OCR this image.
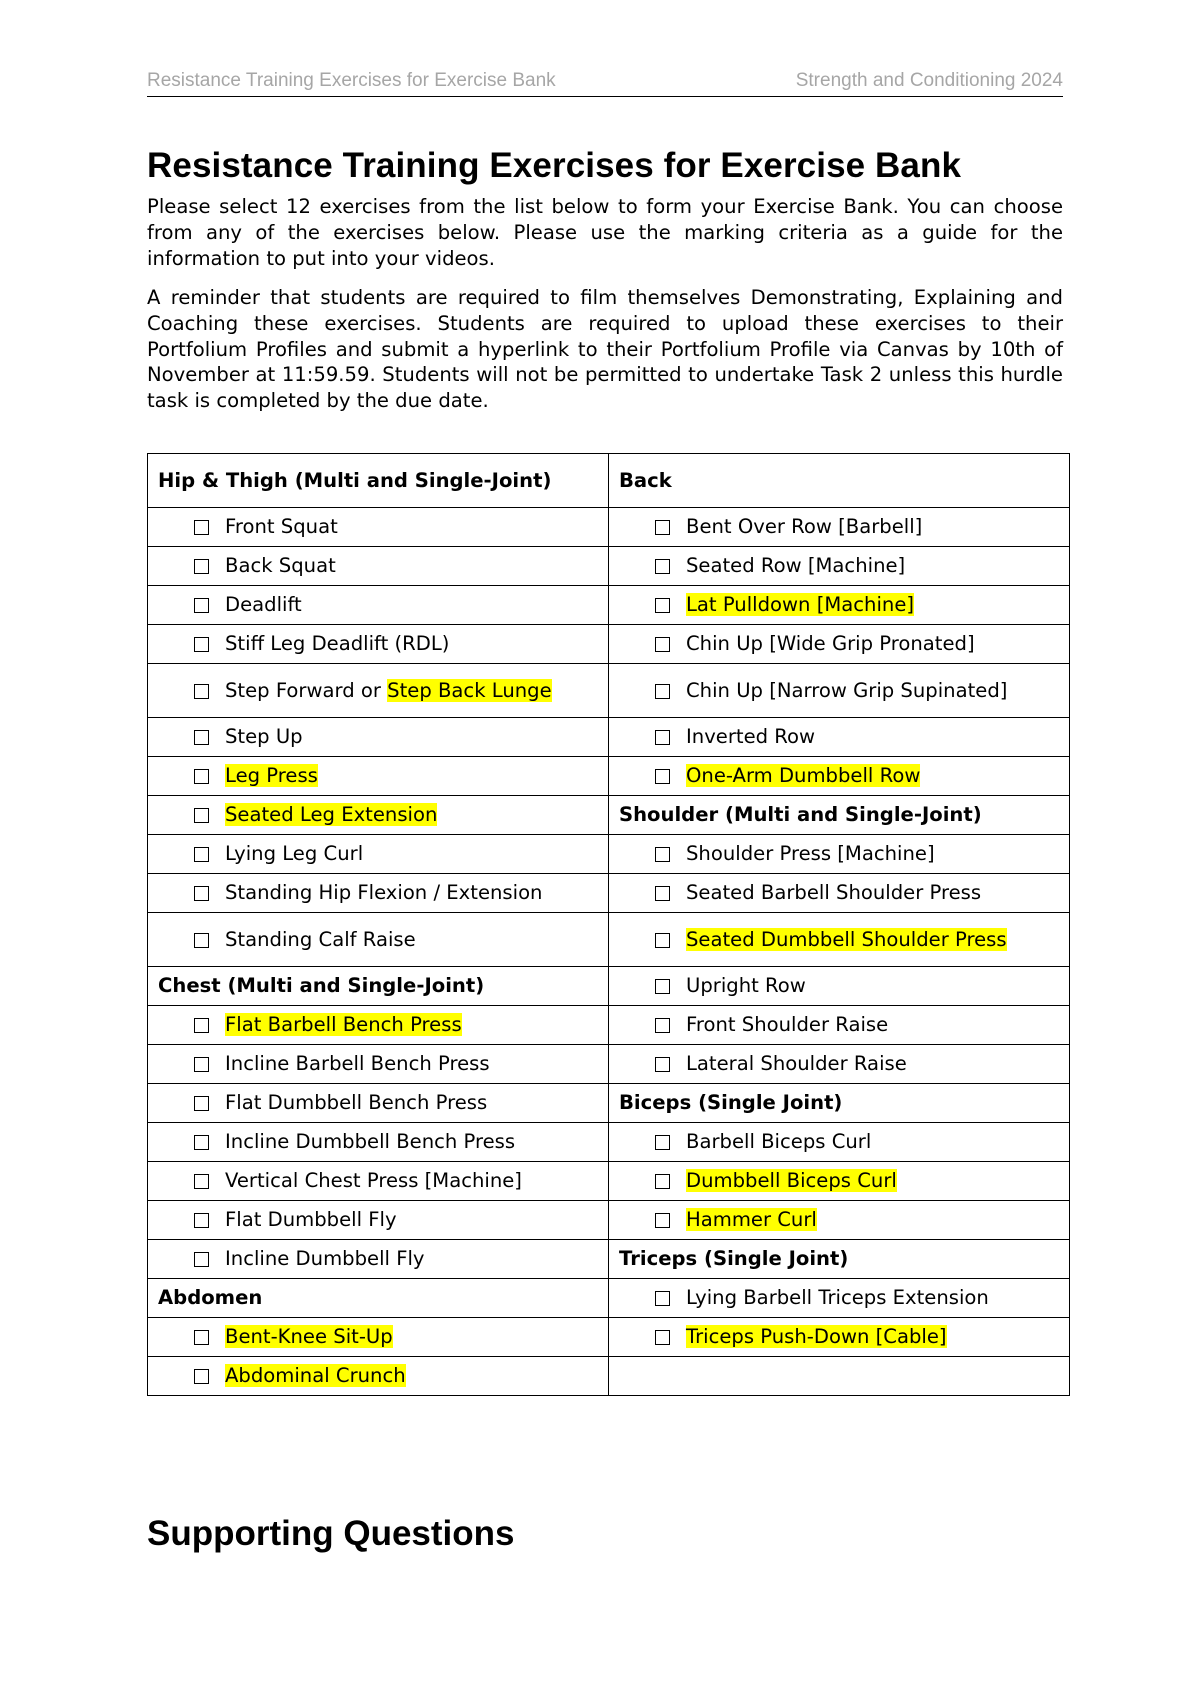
Resistance Training Exercises for Exercise Bank	Strength and Conditioning 2024
Resistance Training Exercises for Exercise Bank

Please select 12 exercises from the list below to form your Exercise Bank. You can choose from any of the exercises below. Please use the marking criteria as a guide for the information to put into your videos.

A reminder that students are required to film themselves Demonstrating, Explaining and Coaching these exercises. Students are required to upload these exercises to their Portfolium Profiles and submit a hyperlink to their Portfolium Profile via Canvas by 10th of November at 11:59.59. Students will not be permitted to undertake Task 2 unless this hurdle task is completed by the due date.

Hip & Thigh (Multi and Single-Joint)	Back

Front Squat	Bent Over Row [Barbell]

Back Squat	Seated Row [Machine]

Deadlift	Lat Pulldown [Machine]

Stiff Leg Deadlift (RDL)	Chin Up [Wide Grip Pronated]

Step Forward or Step Back Lunge	Chin Up [Narrow Grip Supinated]

Step Up	Inverted Row

Leg Press	One-Arm Dumbbell Row

Seated Leg Extension	Shoulder (Multi and Single-Joint)

Lying Leg Curl	Shoulder Press [Machine]

Standing Hip Flexion / Extension	Seated Barbell Shoulder Press

Standing Calf Raise	Seated Dumbbell Shoulder Press

Chest (Multi and Single-Joint)	Upright Row

Flat Barbell Bench Press	Front Shoulder Raise

Incline Barbell Bench Press	Lateral Shoulder Raise

Flat Dumbbell Bench Press	Biceps (Single Joint)

Incline Dumbbell Bench Press	Barbell Biceps Curl

Vertical Chest Press [Machine]	Dumbbell Biceps Curl

Flat Dumbbell Fly	Hammer Curl

Incline Dumbbell Fly	Triceps (Single Joint)
Abdomen	Lying Barbell Triceps Extension

Bent-Knee Sit-Up	Triceps Push-Down [Cable]

Abdominal Crunch	

Supporting Questions
